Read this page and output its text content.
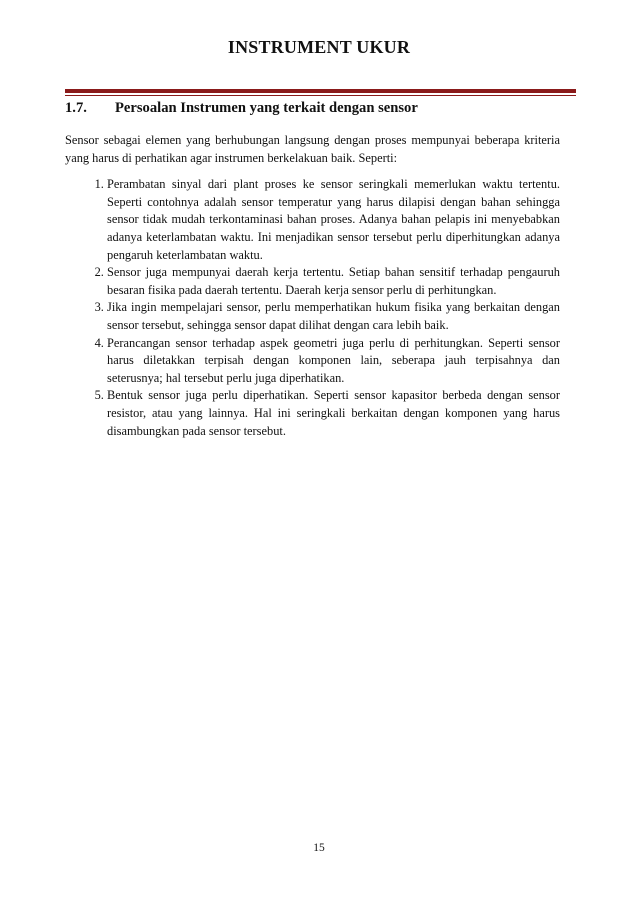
INSTRUMENT UKUR
1.7. Persoalan Instrumen yang terkait dengan sensor

Sensor sebagai elemen yang berhubungan langsung dengan proses mempunyai beberapa kriteria yang harus di perhatikan agar instrumen berkelakuan baik. Seperti:

1. Perambatan sinyal dari plant proses ke sensor seringkali memerlukan waktu tertentu. Seperti contohnya adalah sensor temperatur yang harus dilapisi dengan bahan sehingga sensor tidak mudah terkontaminasi bahan proses. Adanya bahan pelapis ini menyebabkan adanya keterlambatan waktu. Ini menjadikan sensor tersebut perlu diperhitungkan adanya pengaruh keterlambatan waktu.
2. Sensor juga mempunyai daerah kerja tertentu. Setiap bahan sensitif terhadap pengauruh besaran fisika pada daerah tertentu. Daerah kerja sensor perlu di perhitungkan.
3. Jika ingin mempelajari sensor, perlu memperhatikan hukum fisika yang berkaitan dengan sensor tersebut, sehingga sensor dapat dilihat dengan cara lebih baik.
4. Perancangan sensor terhadap aspek geometri juga perlu di perhitungkan. Seperti sensor harus diletakkan terpisah dengan komponen lain, seberapa jauh terpisahnya dan seterusnya; hal tersebut perlu juga diperhatikan.
5. Bentuk sensor juga perlu diperhatikan. Seperti sensor kapasitor berbeda dengan sensor resistor, atau yang lainnya. Hal ini seringkali berkaitan dengan komponen yang harus disambungkan pada sensor tersebut.
15
